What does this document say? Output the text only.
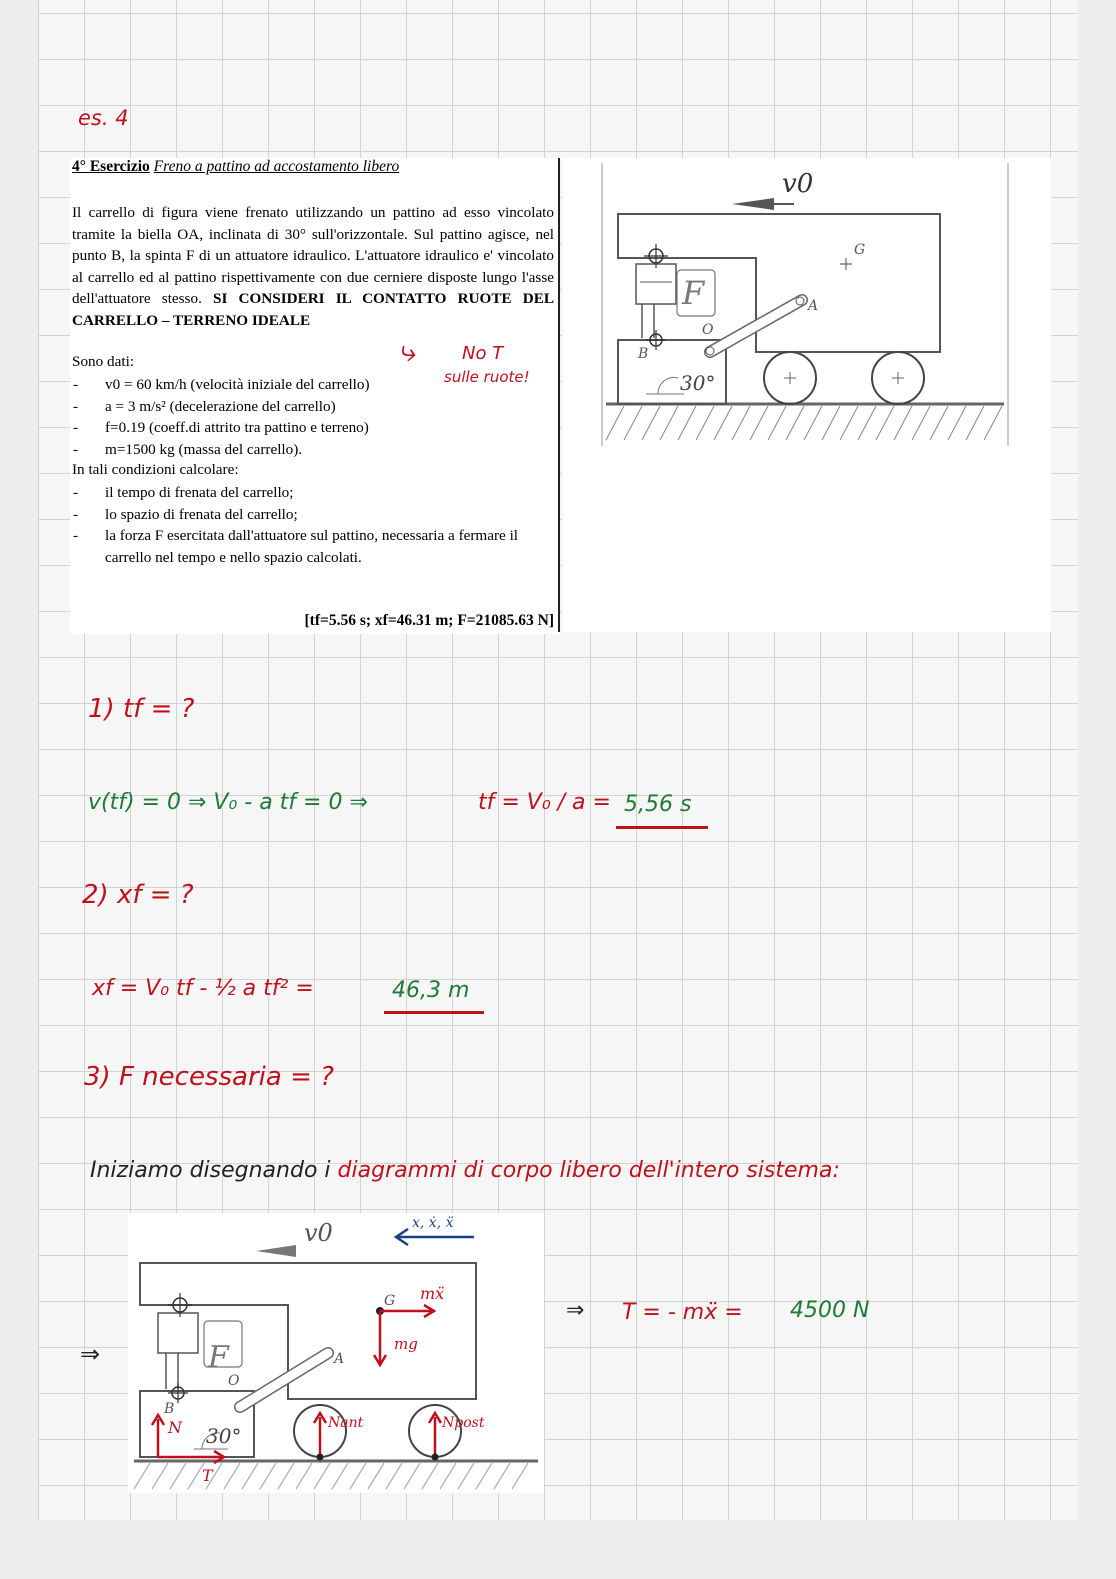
es. 4
4° Esercizio Freno a pattino ad accostamento libero

Il carrello di figura viene frenato utilizzando un pattino ad esso vincolato tramite la biella OA, inclinata di 30° sull'orizzontale. Sul pattino agisce, nel punto B, la spinta F di un attuatore idraulico. L'attuatore idraulico e' vincolato al carrello ed al pattino rispettivamente con due cerniere disposte lungo l'asse dell'attuatore stesso. SI CONSIDERI IL CONTATTO RUOTE DEL CARRELLO – TERRENO IDEALE

Sono dati:
- v0 = 60 km/h (velocità iniziale del carrello)
- a = 3 m/s² (decelerazione del carrello)
- f=0.19 (coeff.di attrito tra pattino e terreno)
- m=1500 kg (massa del carrello).
In tali condizioni calcolare:
- il tempo di frenata del carrello;
- lo spazio di frenata del carrello;
- la forza F esercitata dall'attuatore sul pattino, necessaria a fermare il carrello nel tempo e nello spazio calcolati.
[tf=5.56 s; xf=46.31 m; F=21085.63 N]
⤷	No T
sulle ruote!
v0
G
F	A
O
B
30°
1) tf = ?
v(tf) = 0 ⇒ V₀ - a tf = 0 ⇒	tf = V₀ / a = 5,56 s
2) xf = ?
xf = V₀ tf - ½ a tf² =	46,3 m
3) F necessaria = ?
Iniziamo disegnando i diagrammi di corpo libero dell'intero sistema:
⇒
v0	x, ẋ, ẍ
G mẍ
mg
N
T
Nant	Npost
A
O
B
F
30°
⇒ T = - mẍ = 4500 N
